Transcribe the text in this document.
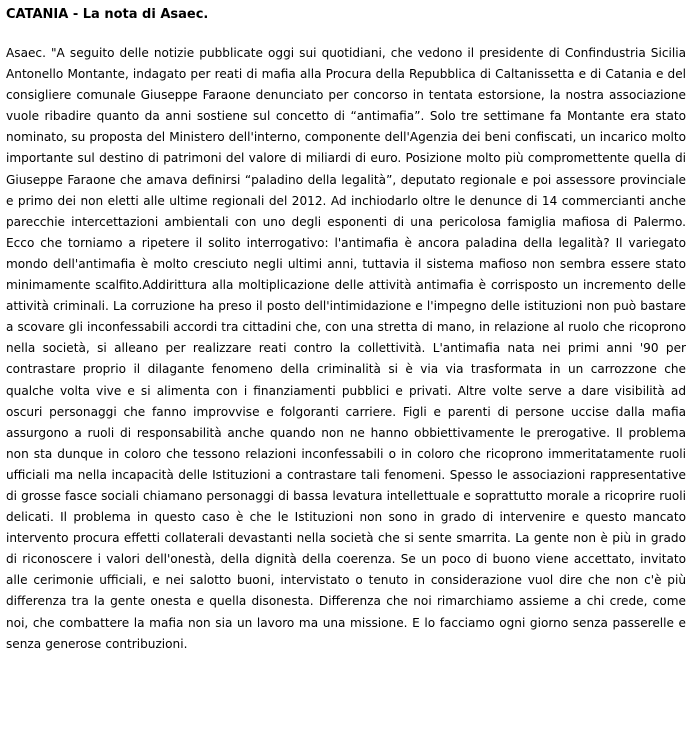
CATANIA - La nota di Asaec.

Asaec. "A seguito delle notizie pubblicate oggi sui quotidiani, che vedono il presidente di Confindustria Sicilia Antonello Montante, indagato per reati di mafia alla Procura della Repubblica di Caltanissetta e di Catania e del consigliere comunale Giuseppe Faraone denunciato per concorso in tentata estorsione, la nostra associazione vuole ribadire quanto da anni sostiene sul concetto di “antimafia”. Solo tre settimane fa Montante era stato nominato, su proposta del Ministero dell'interno, componente dell'Agenzia dei beni confiscati, un incarico molto importante sul destino di patrimoni del valore di miliardi di euro. Posizione molto più compromettente quella di Giuseppe Faraone che amava definirsi “paladino della legalità”, deputato regionale e poi assessore provinciale e primo dei non eletti alle ultime regionali del 2012. Ad inchiodarlo oltre le denunce di 14 commercianti anche parecchie intercettazioni ambientali con uno degli esponenti di una pericolosa famiglia mafiosa di Palermo. Ecco che torniamo a ripetere il solito interrogativo: l'antimafia è ancora paladina della legalità? Il variegato mondo dell'antimafia è molto cresciuto negli ultimi anni, tuttavia il sistema mafioso non sembra essere stato minimamente scalfito.Addirittura alla moltiplicazione delle attività antimafia è corrisposto un incremento delle attività criminali. La corruzione ha preso il posto dell'intimidazione e l'impegno delle istituzioni non può bastare a scovare gli inconfessabili accordi tra cittadini che, con una stretta di mano, in relazione al ruolo che ricoprono nella società, si alleano per realizzare reati contro la collettività. L'antimafia nata nei primi anni '90 per contrastare proprio il dilagante fenomeno della criminalità si è via via trasformata in un carrozzone che qualche volta vive e si alimenta con i finanziamenti pubblici e privati. Altre volte serve a dare visibilità ad oscuri personaggi che fanno improvvise e folgoranti carriere. Figli e parenti di persone uccise dalla mafia assurgono a ruoli di responsabilità anche quando non ne hanno obbiettivamente le prerogative. Il problema non sta dunque in coloro che tessono relazioni inconfessabili o in coloro che ricoprono immeritatamente ruoli ufficiali ma nella incapacità delle Istituzioni a contrastare tali fenomeni. Spesso le associazioni rappresentative di grosse fasce sociali chiamano personaggi di bassa levatura intellettuale e soprattutto morale a ricoprire ruoli delicati. Il problema in questo caso è che le Istituzioni non sono in grado di intervenire e questo mancato intervento procura effetti collaterali devastanti nella società che si sente smarrita. La gente non è più in grado di riconoscere i valori dell'onestà, della dignità della coerenza. Se un poco di buono viene accettato, invitato alle cerimonie ufficiali, e nei salotto buoni, intervistato o tenuto in considerazione vuol dire che non c'è più differenza tra la gente onesta e quella disonesta. Differenza che noi rimarchiamo assieme a chi crede, come noi, che combattere la mafia non sia un lavoro ma una missione. E lo facciamo ogni giorno senza passerelle e senza generose contribuzioni.
